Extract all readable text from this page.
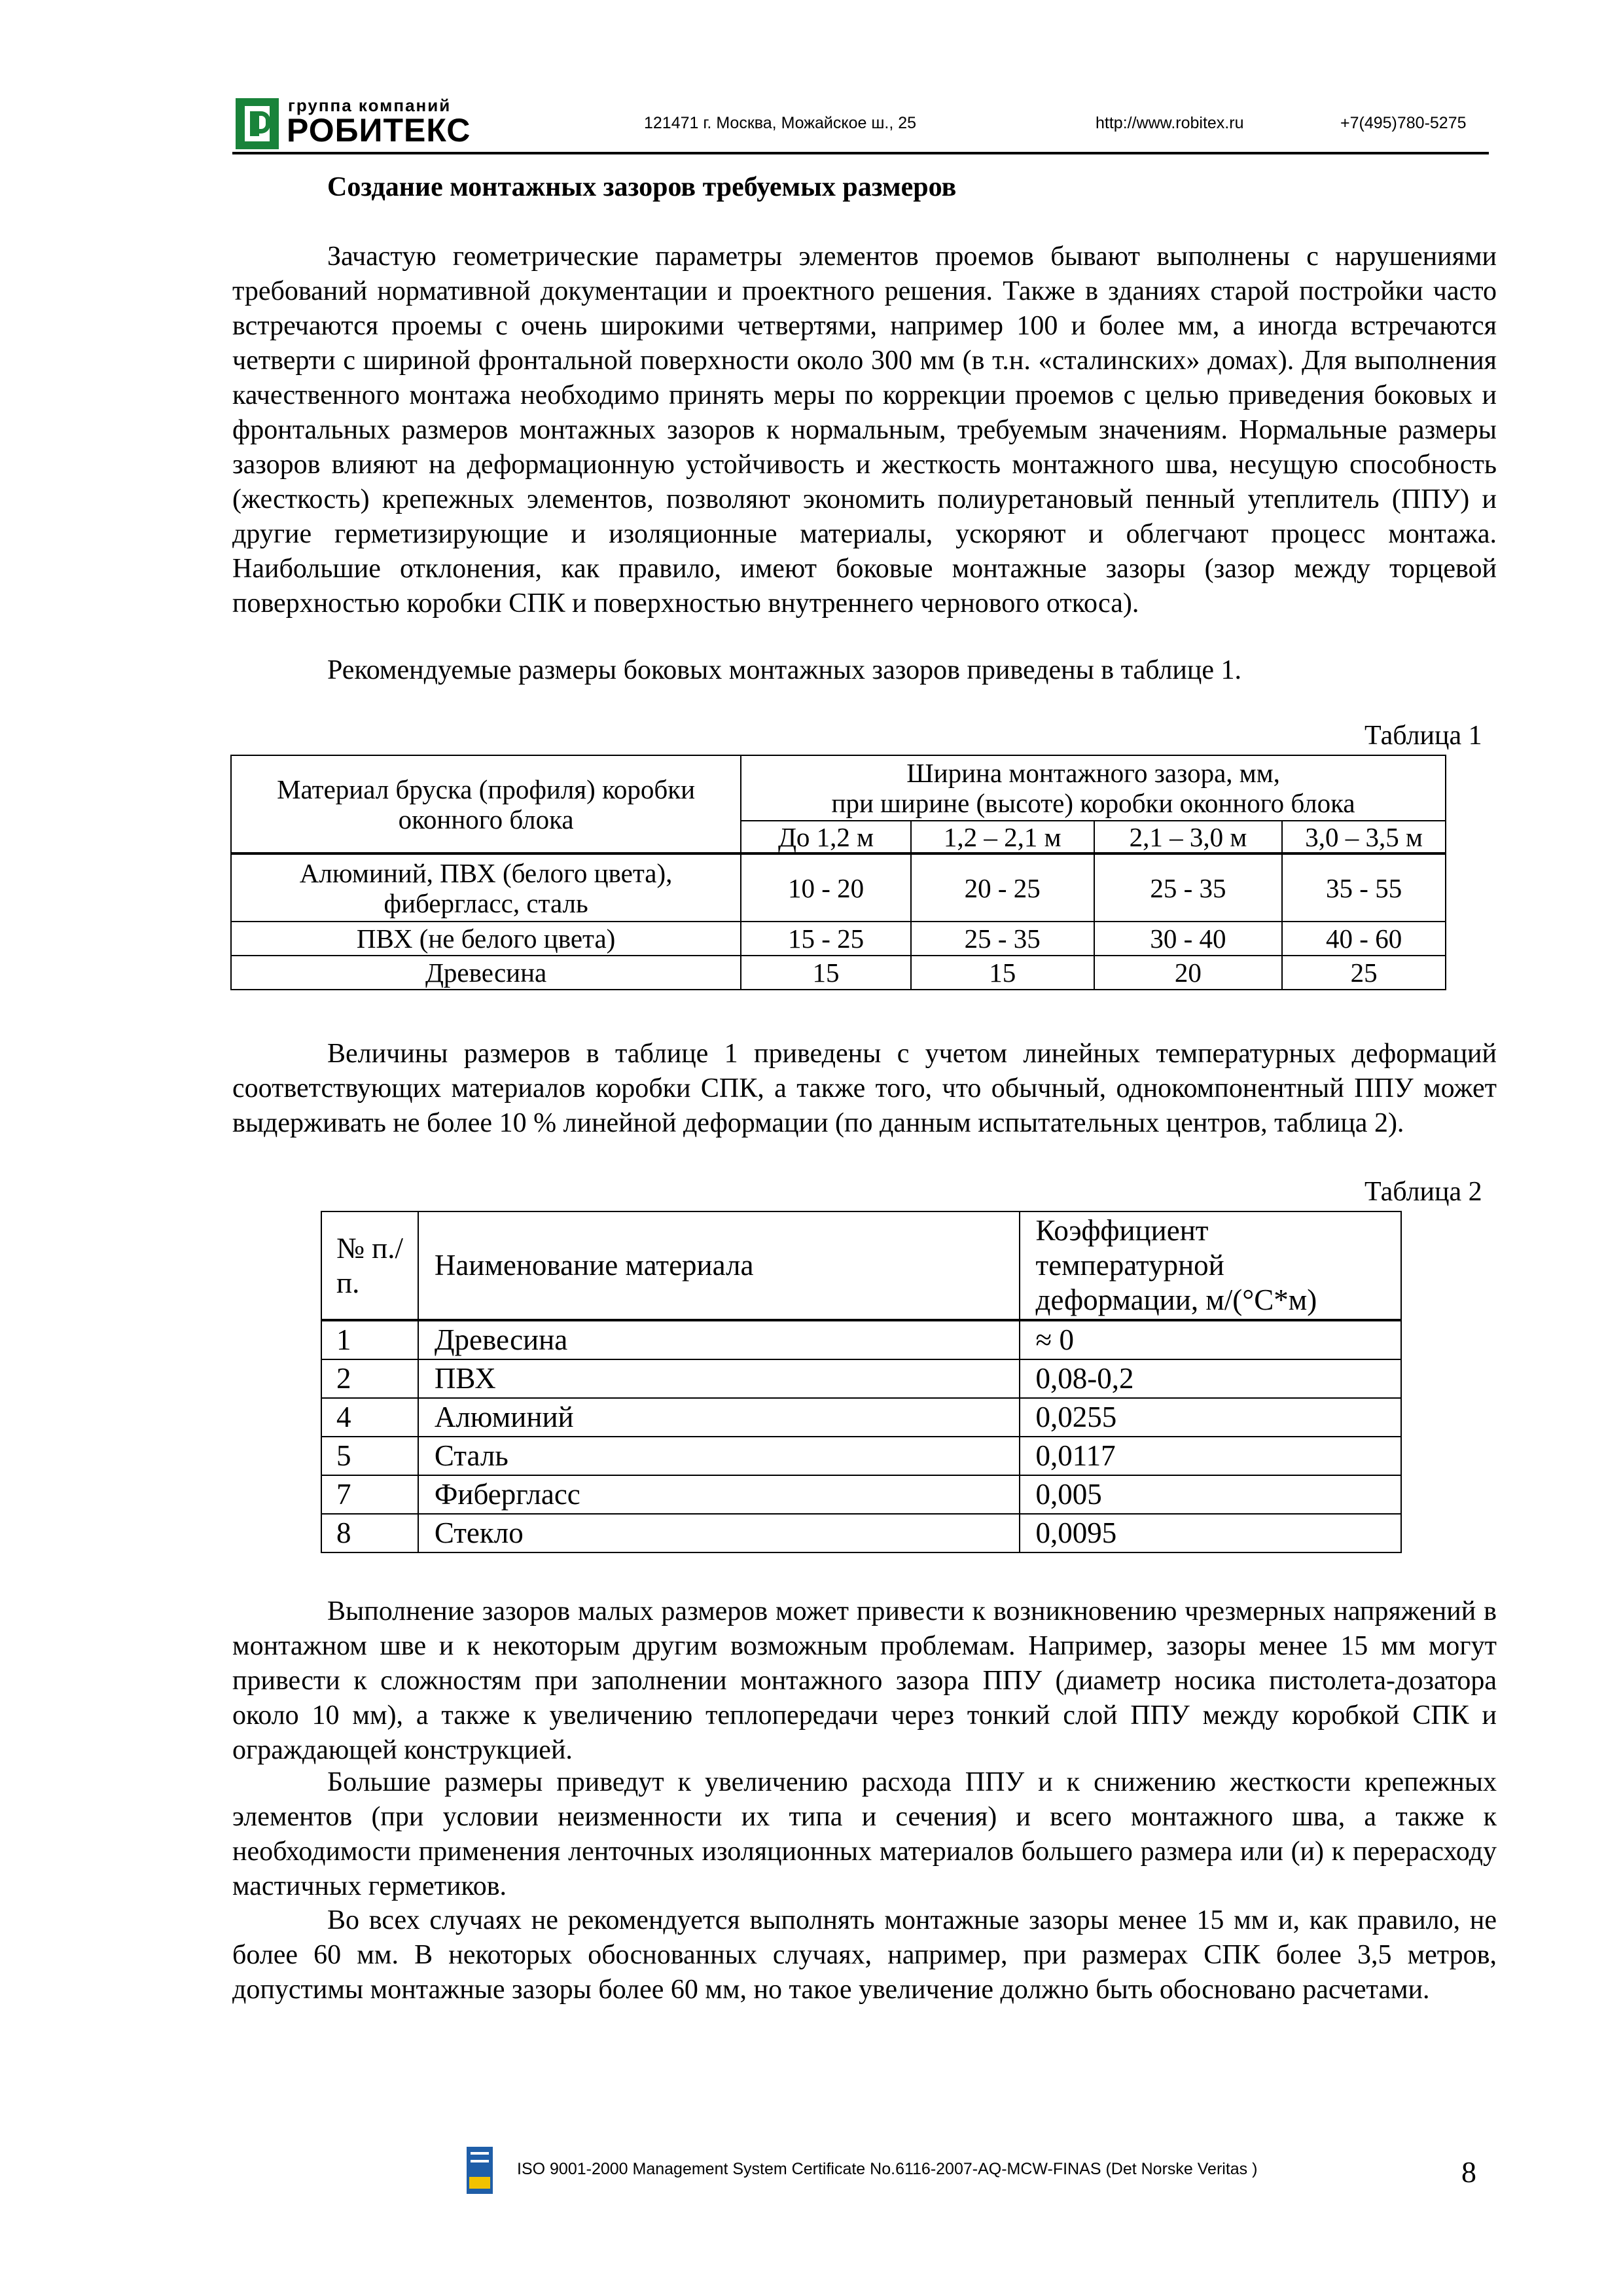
группа компаний
РОБИТЕКС	121471 г. Москва, Можайское ш., 25	http://www.robitex.ru	+7(495)780-5275
Создание монтажных зазоров требуемых размеров
Зачастую геометрические параметры элементов проемов бывают выполнены с нарушениями требований нормативной документации и проектного решения. Также в зданиях старой постройки часто встречаются проемы с очень широкими четвертями, например 100 и более мм, а иногда встречаются четверти с шириной фронтальной поверхности около 300 мм (в т.н. «сталинских» домах). Для выполнения качественного монтажа необходимо принять меры по коррекции проемов с целью приведения боковых и фронтальных размеров монтажных зазоров к нормальным, требуемым значениям. Нормальные размеры зазоров влияют на деформационную устойчивость и жесткость монтажного шва, несущую способность (жесткость) крепежных элементов, позволяют экономить полиуретановый пенный утеплитель (ППУ) и другие герметизирующие и изоляционные материалы, ускоряют и облегчают процесс монтажа. Наибольшие отклонения, как правило, имеют боковые монтажные зазоры (зазор между торцевой поверхностью коробки СПК и поверхностью внутреннего чернового откоса).
Рекомендуемые размеры боковых монтажных зазоров приведены в таблице 1.
Таблица 1
Материал бруска (профиля) коробки оконного блока	Ширина монтажного зазора, мм,
при ширине (высоте) коробки оконного блока			

	До 1,2 м	1,2 – 2,1 м	2,1 – 3,0 м	3,0 – 3,5 м

Алюминий, ПВХ (белого цвета), фибергласс, сталь	10 - 20	20 - 25	25 - 35	35 - 55
ПВХ (не белого цвета)	15 - 25	25 - 35	30 - 40	40 - 60
Древесина	15	15	20	25
Величины размеров в таблице 1 приведены с учетом линейных температурных деформаций соответствующих материалов коробки СПК, а также того, что обычный, однокомпонентный ППУ может выдерживать не более 10 % линейной деформации (по данным испытательных центров, таблица 2).
Таблица 2
№ п./п.	Наименование материала	Коэффициент
температурной
деформации, м/(°С*м)

1	Древесина	≈ 0
2	ПВХ	0,08-0,2
4	Алюминий	0,0255
5	Сталь	0,0117
7	Фибергласс	0,005
8	Стекло	0,0095
Выполнение зазоров малых размеров может привести к возникновению чрезмерных напряжений в монтажном шве и к некоторым другим возможным проблемам. Например, зазоры менее 15 мм могут привести к сложностям при заполнении монтажного зазора ППУ (диаметр носика пистолета-дозатора около 10 мм), а также к увеличению теплопередачи через тонкий слой ППУ между коробкой СПК и ограждающей конструкцией.
Большие размеры приведут к увеличению расхода ППУ и к снижению жесткости крепежных элементов (при условии неизменности их типа и сечения) и всего монтажного шва, а также к необходимости применения ленточных изоляционных материалов большего размера или (и) к перерасходу мастичных герметиков.
Во всех случаях не рекомендуется выполнять монтажные зазоры менее 15 мм и, как правило, не более 60 мм. В некоторых обоснованных случаях, например, при размерах СПК более 3,5 метров, допустимы монтажные зазоры более 60 мм, но такое увеличение должно быть обосновано расчетами.
ISO 9001-2000 Management System Certificate No.6116-2007-AQ-MCW-FINAS (Det Norske Veritas )	8
